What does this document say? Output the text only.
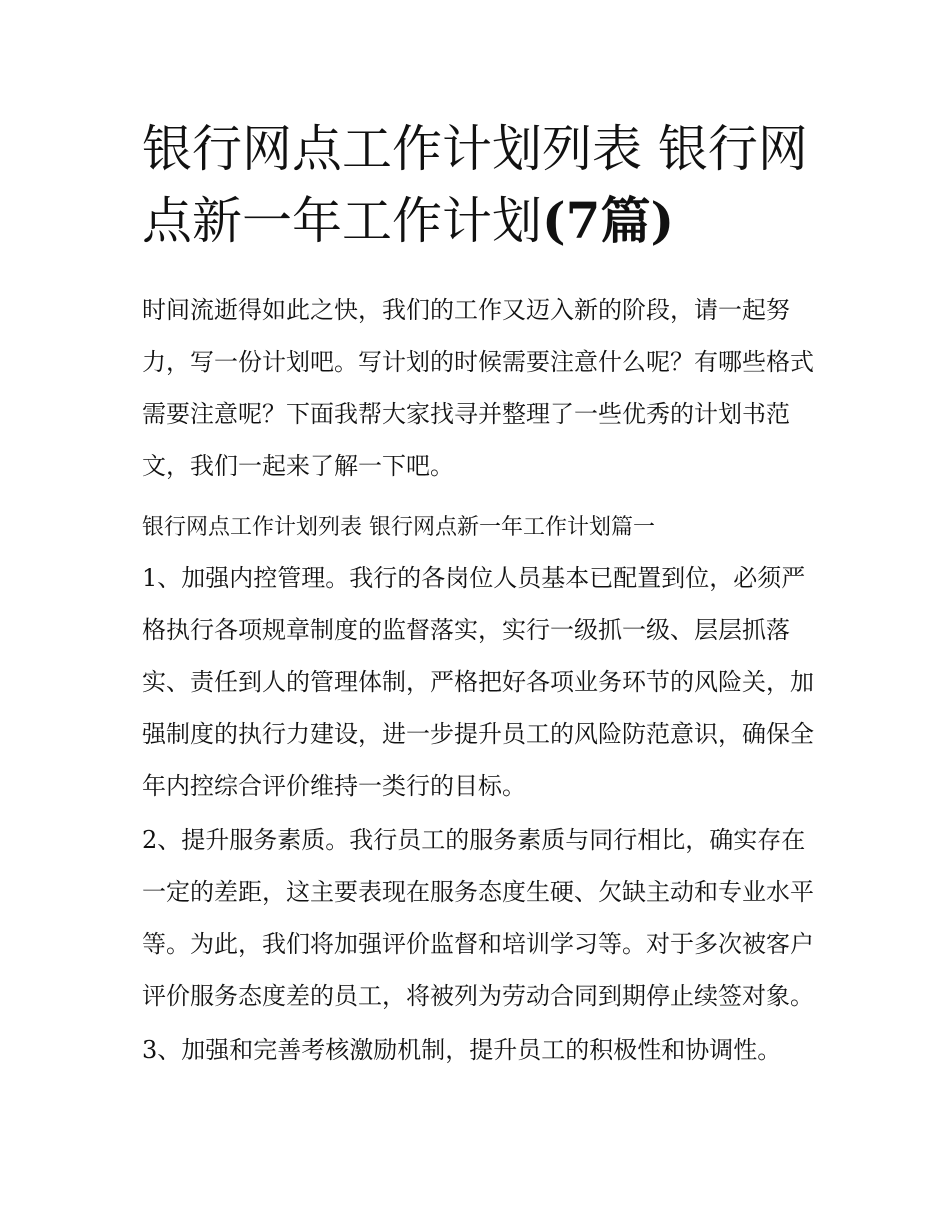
银行网点工作计划列表 银行网
点新一年工作计划(7篇)

时间流逝得如此之快，我们的工作又迈入新的阶段，请一起努力，写一份计划吧。写计划的时候需要注意什么呢？有哪些格式需要注意呢？下面我帮大家找寻并整理了一些优秀的计划书范文，我们一起来了解一下吧。

银行网点工作计划列表 银行网点新一年工作计划篇一

1、加强内控管理。我行的各岗位人员基本已配置到位，必须严格执行各项规章制度的监督落实，实行一级抓一级、层层抓落实、责任到人的管理体制，严格把好各项业务环节的风险关，加强制度的执行力建设，进一步提升员工的风险防范意识，确保全年内控综合评价维持一类行的目标。

2、提升服务素质。我行员工的服务素质与同行相比，确实存在一定的差距，这主要表现在服务态度生硬、欠缺主动和专业水平等。为此，我们将加强评价监督和培训学习等。对于多次被客户评价服务态度差的员工，将被列为劳动合同到期停止续签对象。

3、加强和完善考核激励机制，提升员工的积极性和协调性。
